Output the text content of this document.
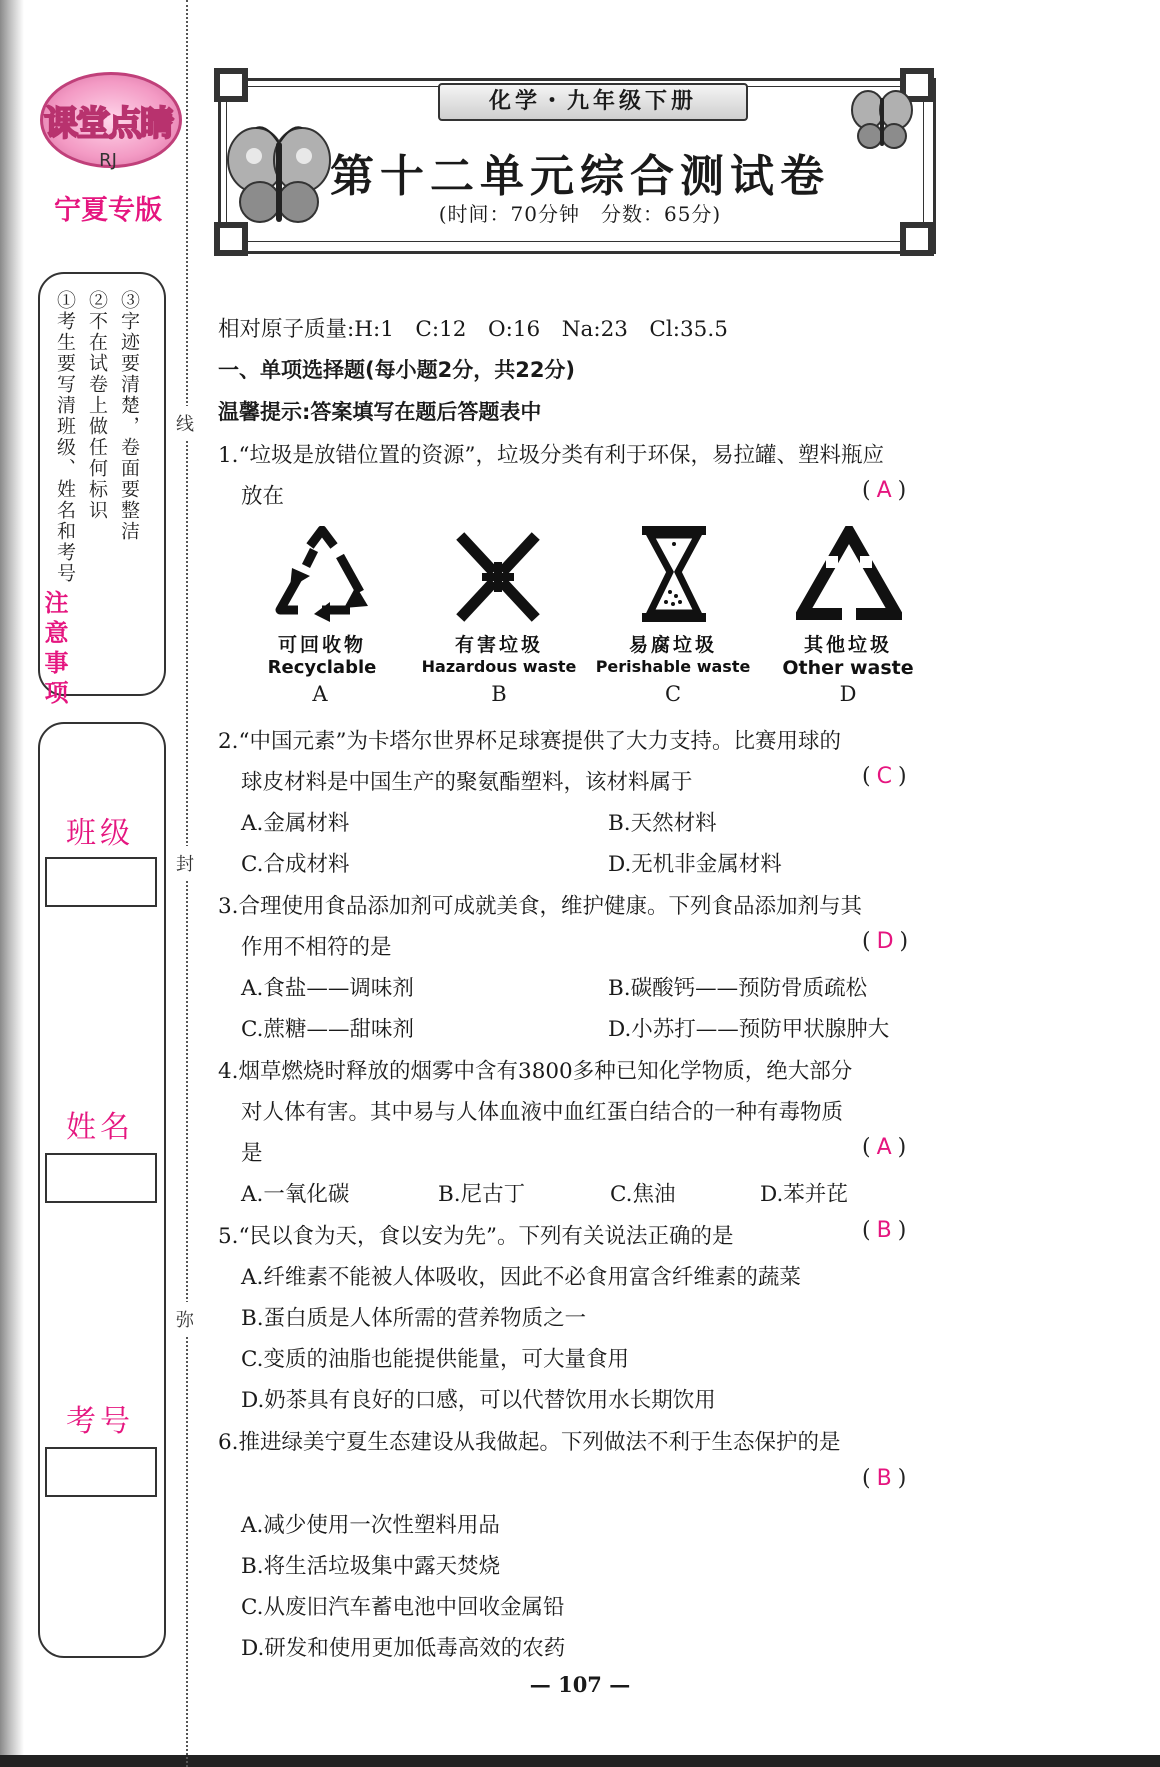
课堂点睛
RJ
宁夏专版
注意事项
①考生要写清班级、姓名和考号 ②不在试卷上做任何标识 ③字迹要清楚，卷面要整洁
班级
姓名
考号
线
封
弥
化学・九年级下册
第十二单元综合测试卷
(时间：70分钟　分数：65分)
相对原子质量:H:1　C:12　O:16　Na:23　Cl:35.5
一、单项选择题(每小题2分，共22分)
温馨提示:答案填写在题后答题表中
1.“垃圾是放错位置的资源”，垃圾分类有利于环保，易拉罐、塑料瓶应
放在	( A )
可回收物
Recyclable
有害垃圾
Hazardous waste
易腐垃圾
Perishable waste
其他垃圾
Other waste
A	B	C	D
2.“中国元素”为卡塔尔世界杯足球赛提供了大力支持。比赛用球的
球皮材料是中国生产的聚氨酯塑料，该材料属于	( C )
A.金属材料	B.天然材料
C.合成材料	D.无机非金属材料
3.合理使用食品添加剂可成就美食，维护健康。下列食品添加剂与其
作用不相符的是	( D )
A.食盐——调味剂	B.碳酸钙——预防骨质疏松
C.蔗糖——甜味剂	D.小苏打——预防甲状腺肿大
4.烟草燃烧时释放的烟雾中含有3800多种已知化学物质，绝大部分
对人体有害。其中易与人体血液中血红蛋白结合的一种有毒物质
是	( A )
A.一氧化碳	B.尼古丁	C.焦油	D.苯并芘
5.“民以食为天，食以安为先”。下列有关说法正确的是	( B )
A.纤维素不能被人体吸收，因此不必食用富含纤维素的蔬菜
B.蛋白质是人体所需的营养物质之一
C.变质的油脂也能提供能量，可大量食用
D.奶茶具有良好的口感，可以代替饮用水长期饮用
6.推进绿美宁夏生态建设从我做起。下列做法不利于生态保护的是
( B )
A.减少使用一次性塑料用品
B.将生活垃圾集中露天焚烧
C.从废旧汽车蓄电池中回收金属铅
D.研发和使用更加低毒高效的农药
— 107 —
